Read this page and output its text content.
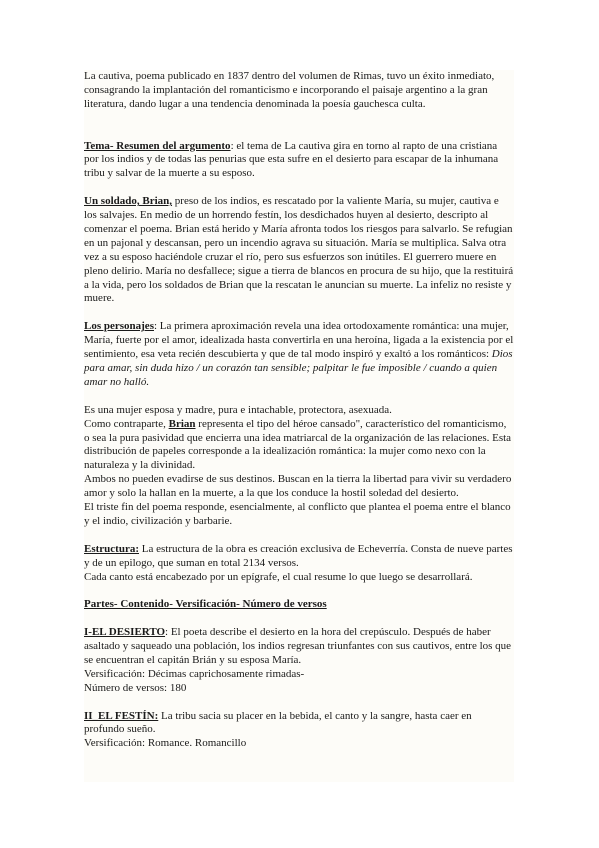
La cautiva, poema publicado en 1837 dentro del volumen de Rimas, tuvo un éxito inmediato, consagrando la implantación del romanticismo e incorporando el paisaje argentino a la gran literatura, dando lugar a una tendencia denominada la poesía gauchesca culta.

Tema- Resumen del argumento: el tema de La cautiva gira en torno al rapto de una cristiana por los indios y de todas las penurias que esta sufre en el desierto para escapar de la inhumana tribu y salvar de la muerte a su esposo.

Un soldado, Brian, preso de los indios, es rescatado por la valiente María, su mujer, cautiva e los salvajes. En medio de un horrendo festín, los desdichados huyen al desierto, descripto al comenzar el poema. Brian está herido y María afronta todos los riesgos para salvarlo. Se refugian en un pajonal y descansan, pero un incendio agrava su situación. María se multiplica. Salva otra vez a su esposo haciéndole cruzar el río, pero sus esfuerzos son inútiles. El guerrero muere en pleno delirio. María no desfallece; sigue a tierra de blancos en procura de su hijo, que la restituirá a la vida, pero los soldados de Brian que la rescatan le anuncian su muerte. La infeliz no resiste y muere.

Los personajes: La primera aproximación revela una idea ortodoxamente romántica: una mujer, María, fuerte por el amor, idealizada hasta convertirla en una heroína, ligada a la existencia por el sentimiento, esa veta recién descubierta y que de tal modo inspiró y exaltó a los románticos: Dios para amar, sin duda hizo / un corazón tan sensible; palpitar le fue imposible / cuando a quien amar no halló.

Es una mujer esposa y madre, pura e intachable, protectora, asexuada.

Como contraparte, Brian representa el tipo del héroe cansado", característico del romanticismo, o sea la pura pasividad que encierra una idea matriarcal de la organización de las relaciones. Esta distribución de papeles corresponde a la idealización romántica: la mujer como nexo con la naturaleza y la divinidad.

Ambos no pueden evadirse de sus destinos. Buscan en la tierra la libertad para vivir su verdadero amor y solo la hallan en la muerte, a la que los conduce la hostil soledad del desierto.

El triste fin del poema responde, esencialmente, al conflicto que plantea el poema entre el blanco y el indio, civilización y barbarie.

Estructura: La estructura de la obra es creación exclusiva de Echeverría. Consta de nueve partes y de un epilogo, que suman en total 2134 versos.

Cada canto está encabezado por un epígrafe, el cual resume lo que luego se desarrollará.

Partes- Contenido- Versificación- Número de versos

I-EL DESIERTO: El poeta describe el desierto en la hora del crepúsculo. Después de haber asaltado y saqueado una población, los indios regresan triunfantes con sus cautivos, entre los que se encuentran el capitán Brián y su esposa María.

Versificación: Décimas caprichosamente rimadas-

Número de versos: 180

II_EL FESTÍN: La tribu sacia su placer en la bebida, el canto y la sangre, hasta caer en profundo sueño.

Versificación: Romance. Romancillo
